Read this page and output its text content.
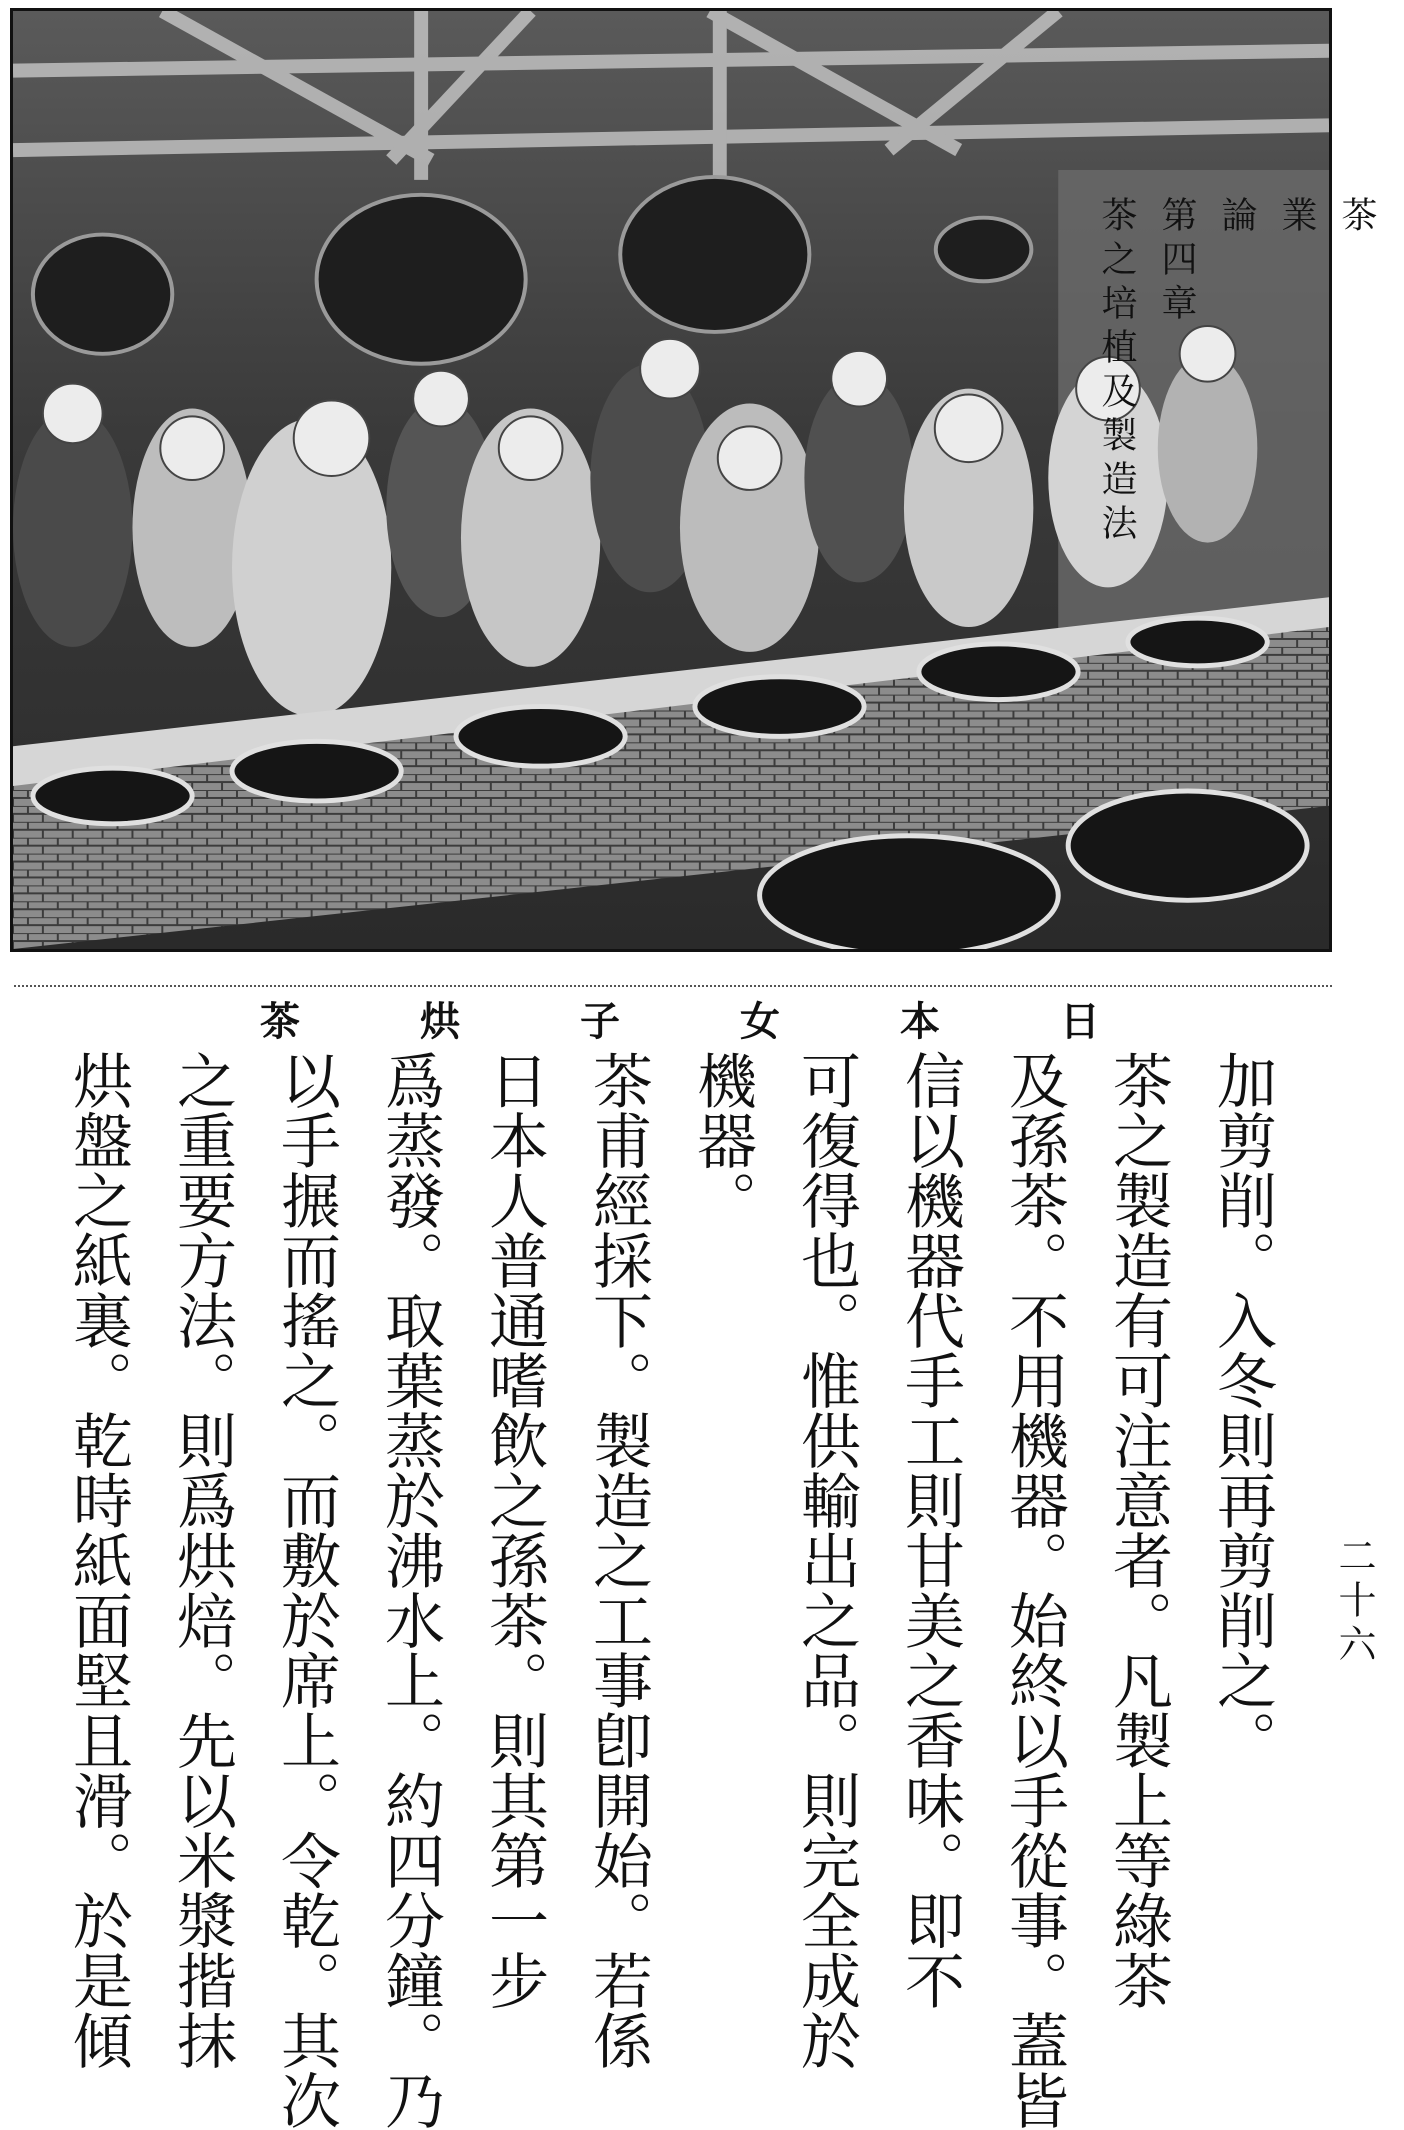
茶
業
論
第四章
茶之培植及製造法
二十六
日
本
女
子
烘
茶
加剪削。入冬則再剪削之。
茶之製造有可注意者。凡製上等綠茶
及孫茶。不用機器。始終以手從事。蓋皆
信以機器代手工則甘美之香味。即不
可復得也。惟供輸出之品。則完全成於
機器。
茶甫經採下。製造之工事卽開始。若係
日本人普通嗜飲之孫茶。則其第一步
爲蒸發。取葉蒸於沸水上。約四分鐘。乃
以手搌而搖之。而敷於席上。令乾。其次
之重要方法。則爲烘焙。先以米漿揩抹
烘盤之紙裏。乾時紙面堅且滑。於是傾
